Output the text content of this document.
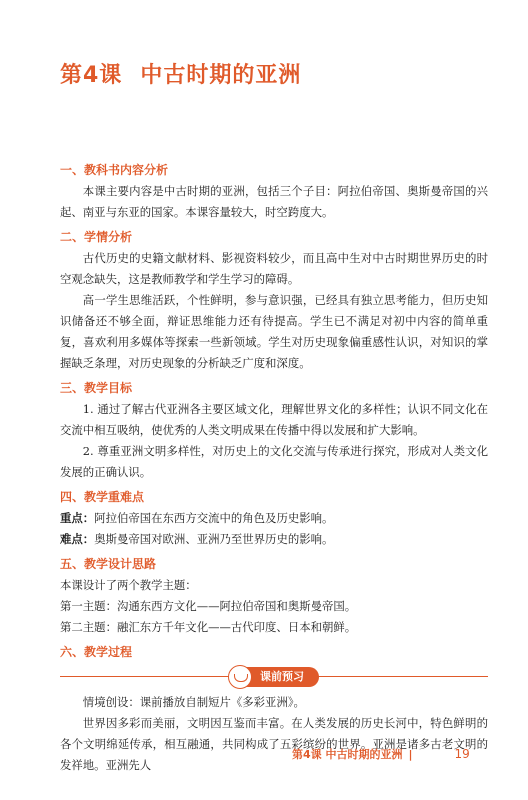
第4课 中古时期的亚洲
一、教科书内容分析

本课主要内容是中古时期的亚洲，包括三个子目：阿拉伯帝国、奥斯曼帝国的兴起、南亚与东亚的国家。本课容量较大，时空跨度大。

二、学情分析

古代历史的史籍文献材料、影视资料较少，而且高中生对中古时期世界历史的时空观念缺失，这是教师教学和学生学习的障碍。

高一学生思维活跃，个性鲜明，参与意识强，已经具有独立思考能力，但历史知识储备还不够全面，辩证思维能力还有待提高。学生已不满足对初中内容的简单重复，喜欢利用多媒体等探索一些新领域。学生对历史现象偏重感性认识，对知识的掌握缺乏条理，对历史现象的分析缺乏广度和深度。

三、教学目标

1. 通过了解古代亚洲各主要区域文化，理解世界文化的多样性；认识不同文化在交流中相互吸纳，使优秀的人类文明成果在传播中得以发展和扩大影响。

2. 尊重亚洲文明多样性，对历史上的文化交流与传承进行探究，形成对人类文化发展的正确认识。

四、教学重难点

重点：阿拉伯帝国在东西方交流中的角色及历史影响。

难点：奥斯曼帝国对欧洲、亚洲乃至世界历史的影响。

五、教学设计思路

本课设计了两个教学主题：

第一主题：沟通东西方文化——阿拉伯帝国和奥斯曼帝国。

第二主题：融汇东方千年文化——古代印度、日本和朝鲜。

六、教学过程
课前预习

情境创设：课前播放自制短片《多彩亚洲》。

世界因多彩而美丽，文明因互鉴而丰富。在人类发展的历史长河中，特色鲜明的各个文明绵延传承，相互融通，共同构成了五彩缤纷的世界。亚洲是诸多古老文明的发祥地。亚洲先人

第4课 中古时期的亚洲 |	19
